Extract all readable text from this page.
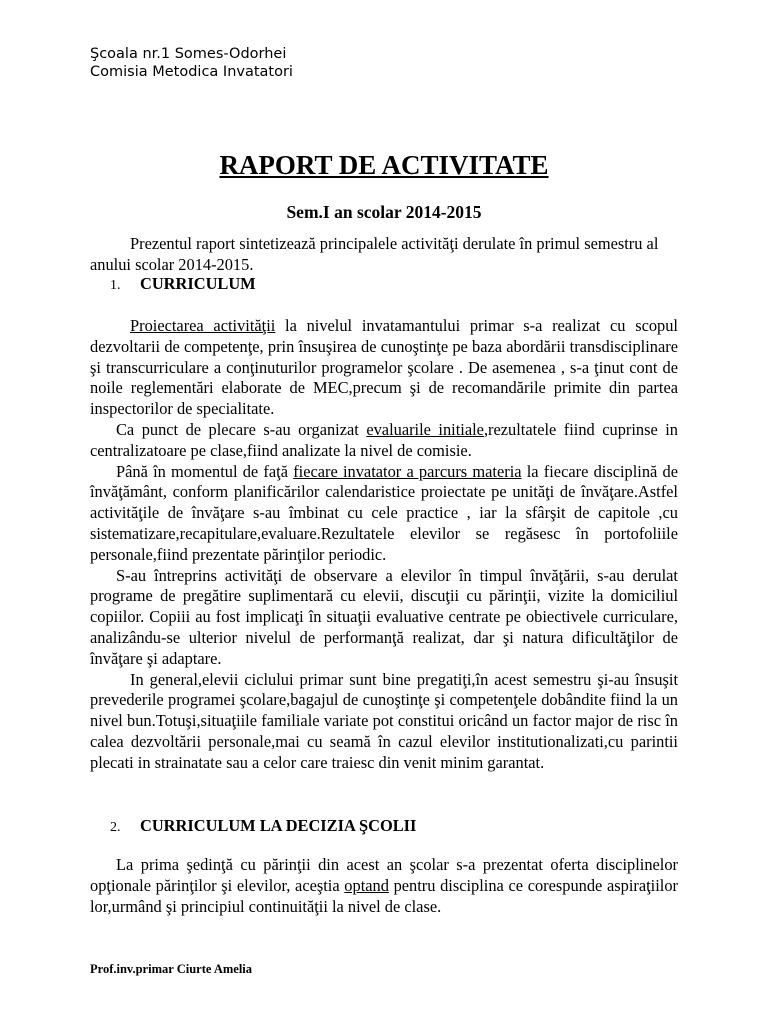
Şcoala nr.1 Somes-Odorhei
Comisia Metodica Invatatori
RAPORT DE ACTIVITATE
Sem.I an scolar 2014-2015

Prezentul raport sintetizează principalele activităţi derulate în primul semestru al anului scolar 2014-2015.

1. CURRICULUM

Proiectarea activităţii la nivelul invatamantului primar s-a realizat cu scopul dezvoltarii de competenţe, prin însuşirea de cunoştinţe pe baza abordării transdisciplinare şi transcurriculare a conţinuturilor programelor şcolare . De asemenea , s-a ţinut cont de noile reglementări elaborate de MEC,precum şi de recomandările primite din partea inspectorilor de specialitate.

Ca punct de plecare s-au organizat evaluarile initiale,rezultatele fiind cuprinse in centralizatoare pe clase,fiind analizate la nivel de comisie.

Până în momentul de faţă fiecare invatator a parcurs materia la fiecare disciplină de învăţământ, conform planificărilor calendaristice proiectate pe unităţi de învăţare.Astfel activităţile de învăţare s-au îmbinat cu cele practice , iar la sfârşit de capitole ,cu sistematizare,recapitulare,evaluare.Rezultatele elevilor se regăsesc în portofoliile personale,fiind prezentate părinţilor periodic.

S-au întreprins activităţi de observare a elevilor în timpul învăţării, s-au derulat programe de pregătire suplimentară cu elevii, discuţii cu părinţii, vizite la domiciliul copiilor. Copiii au fost implicaţi în situaţii evaluative centrate pe obiectivele curriculare, analizându-se ulterior nivelul de performanţă realizat, dar şi natura dificultăţilor de învăţare şi adaptare.

In general,elevii ciclului primar sunt bine pregatiţi,în acest semestru şi-au însuşit prevederile programei şcolare,bagajul de cunoştinţe şi competenţele dobândite fiind la un nivel bun.Totuşi,situaţiile familiale variate pot constitui oricând un factor major de risc în calea dezvoltării personale,mai cu seamă în cazul elevilor institutionalizati,cu parintii plecati in strainatate sau a celor care traiesc din venit minim garantat.

2. CURRICULUM LA DECIZIA ŞCOLII

La prima şedinţă cu părinţii din acest an şcolar s-a prezentat oferta disciplinelor opţionale părinţilor şi elevilor, aceştia optand pentru disciplina ce corespunde aspiraţiilor lor,urmând şi principiul continuităţii la nivel de clase.

Prof.inv.primar Ciurte Amelia
